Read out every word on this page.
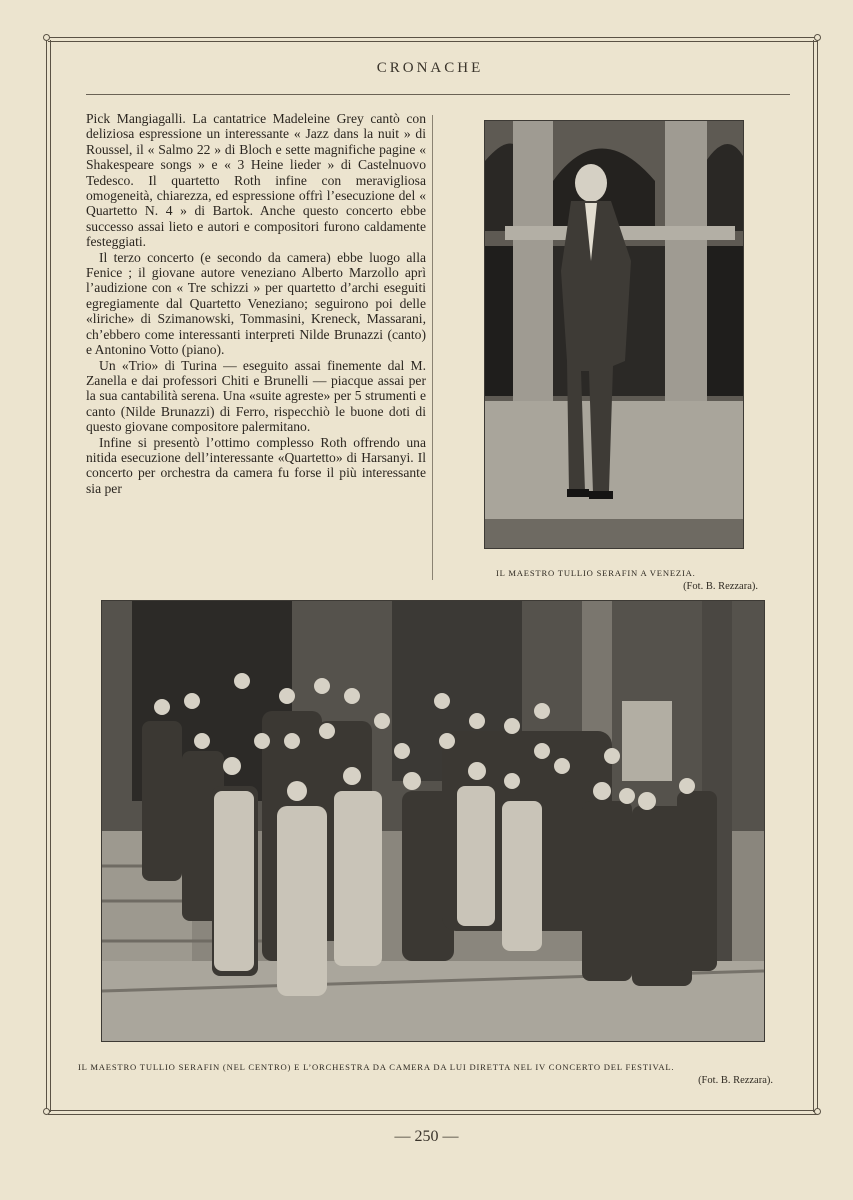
CRONACHE

Pick Mangiagalli. La cantatrice Madeleine Grey cantò con deliziosa espressione un interessante « Jazz dans la nuit » di Roussel, il « Salmo 22 » di Bloch e sette magnifiche pagine « Shakespeare songs » e « 3 Heine lieder » di Castelnuovo Tedesco. Il quartetto Roth infine con meravigliosa omogeneità, chiarezza, ed espressione offrì l’esecuzione del « Quartetto N. 4 » di Bartok. Anche questo concerto ebbe successo assai lieto e autori e compositori furono caldamente festeggiati.

Il terzo concerto (e secondo da camera) ebbe luogo alla Fenice ; il giovane autore veneziano Alberto Marzollo aprì l’audizione con « Tre schizzi » per quartetto d’archi eseguiti egregiamente dal Quartetto Veneziano; seguirono poi delle «liriche» di Szimanowski, Tommasini, Kreneck, Massarani, ch’ebbero come interessanti interpreti Nilde Brunazzi (canto) e Antonino Votto (piano).

Un «Trio» di Turina — eseguito assai finemente dal M. Zanella e dai professori Chiti e Brunelli — piacque assai per la sua cantabilità serena. Una «suite agreste» per 5 strumenti e canto (Nilde Brunazzi) di Ferro, rispecchiò le buone doti di questo giovane compositore palermitano.

Infine si presentò l’ottimo complesso Roth offrendo una nitida esecuzione dell’interessante «Quartetto» di Harsanyi. Il concerto per orchestra da camera fu forse il più interessante sia per

IL MAESTRO TULLIO SERAFIN A VENEZIA.
(Fot. B. Rezzara).
IL MAESTRO TULLIO SERAFIN (NEL CENTRO) E L’ORCHESTRA DA CAMERA DA LUI DIRETTA NEL IV CONCERTO DEL FESTIVAL.
(Fot. B. Rezzara).
— 250 —
